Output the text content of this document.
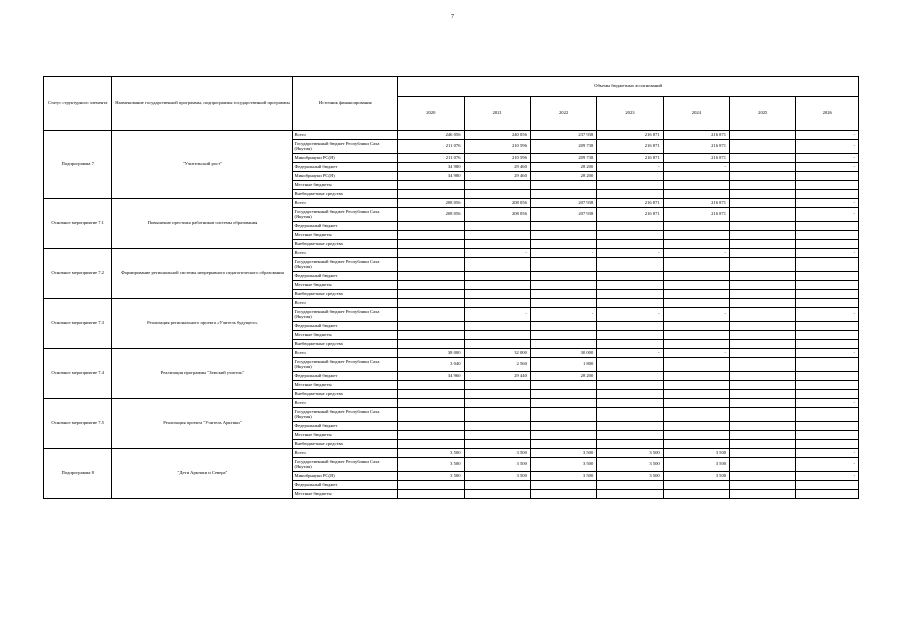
7
Статус структурного элемента	Наименование государственной программы, подпрограммы государственной программы	Источник финансирования	Объемы бюджетных ассигнований						
			2020	2021	2022	2023	2024	2025	2026
Подпрограмма 7	"Учительский рост"	Всего	246 056	240 056	237 938	216 871	216 871		-
		Государственный бюджет Республики Саха (Якутия)	211 076	210 596	209 738	216 871	216 871		-
		Минобрнауки РС(Я)	211 076	210 596	209 738	216 871	216 871		-
		Федеральный бюджет	34 980	29 460	28 200	-	-		-
		Минобрнауки РС(Я)	34 980	29 460	28 200				
		Местные бюджеты							
		Внебюджетные средства							
Основное мероприятие 7.1	Повышение престижа работников системы образования	Всего	208 056	208 056	207 938	216 871	216 871		-
		Государственный бюджет Республики Саха (Якутия)	208 056	208 056	207 938	216 871	216 871		-
		Федеральный бюджет							
		Местные бюджеты							
		Внебюджетные средства							
Основное мероприятие 7.2	Формирование региональной системы непрерывного педагогического образования	Всего		-	-	-	-		-
		Государственный бюджет Республики Саха (Якутия)							
		Федеральный бюджет							
		Местные бюджеты							
		Внебюджетные средства							
Основное мероприятие 7.3	Реализация регионального проекта «Учитель будущего»	Всего							
		Государственный бюджет Республики Саха (Якутия)		-	-	-	-		-
		Федеральный бюджет							
		Местные бюджеты							
		Внебюджетные средства							
Основное мероприятие 7.4	Реализация программы "Земский учитель"	Всего	38 000	32 000	30 000	-	-		-
		Государственный бюджет Республики Саха (Якутия)	3 040	2 560	1 800				
		Федеральный бюджет	34 960	29 440	28 200				
		Местные бюджеты							
		Внебюджетные средства							
Основное мероприятие 7.5	Реализация проекта "Учитель Арктики"	Всего							-
		Государственный бюджет Республики Саха (Якутия)							
		Федеральный бюджет							
		Местные бюджеты							
		Внебюджетные средства							
Подпрограмма 8	"Дети Арктики и Севера"	Всего	3 500	3 500	3 500	3 500	3 500		-
		Государственный бюджет Республики Саха (Якутия)	3 500	3 500	3 500	3 500	3 500		-
		Минобрнауки РС(Я)	3 500	3 500	3 500	3 500	3 500		-
		Федеральный бюджет							
		Местные бюджеты							
